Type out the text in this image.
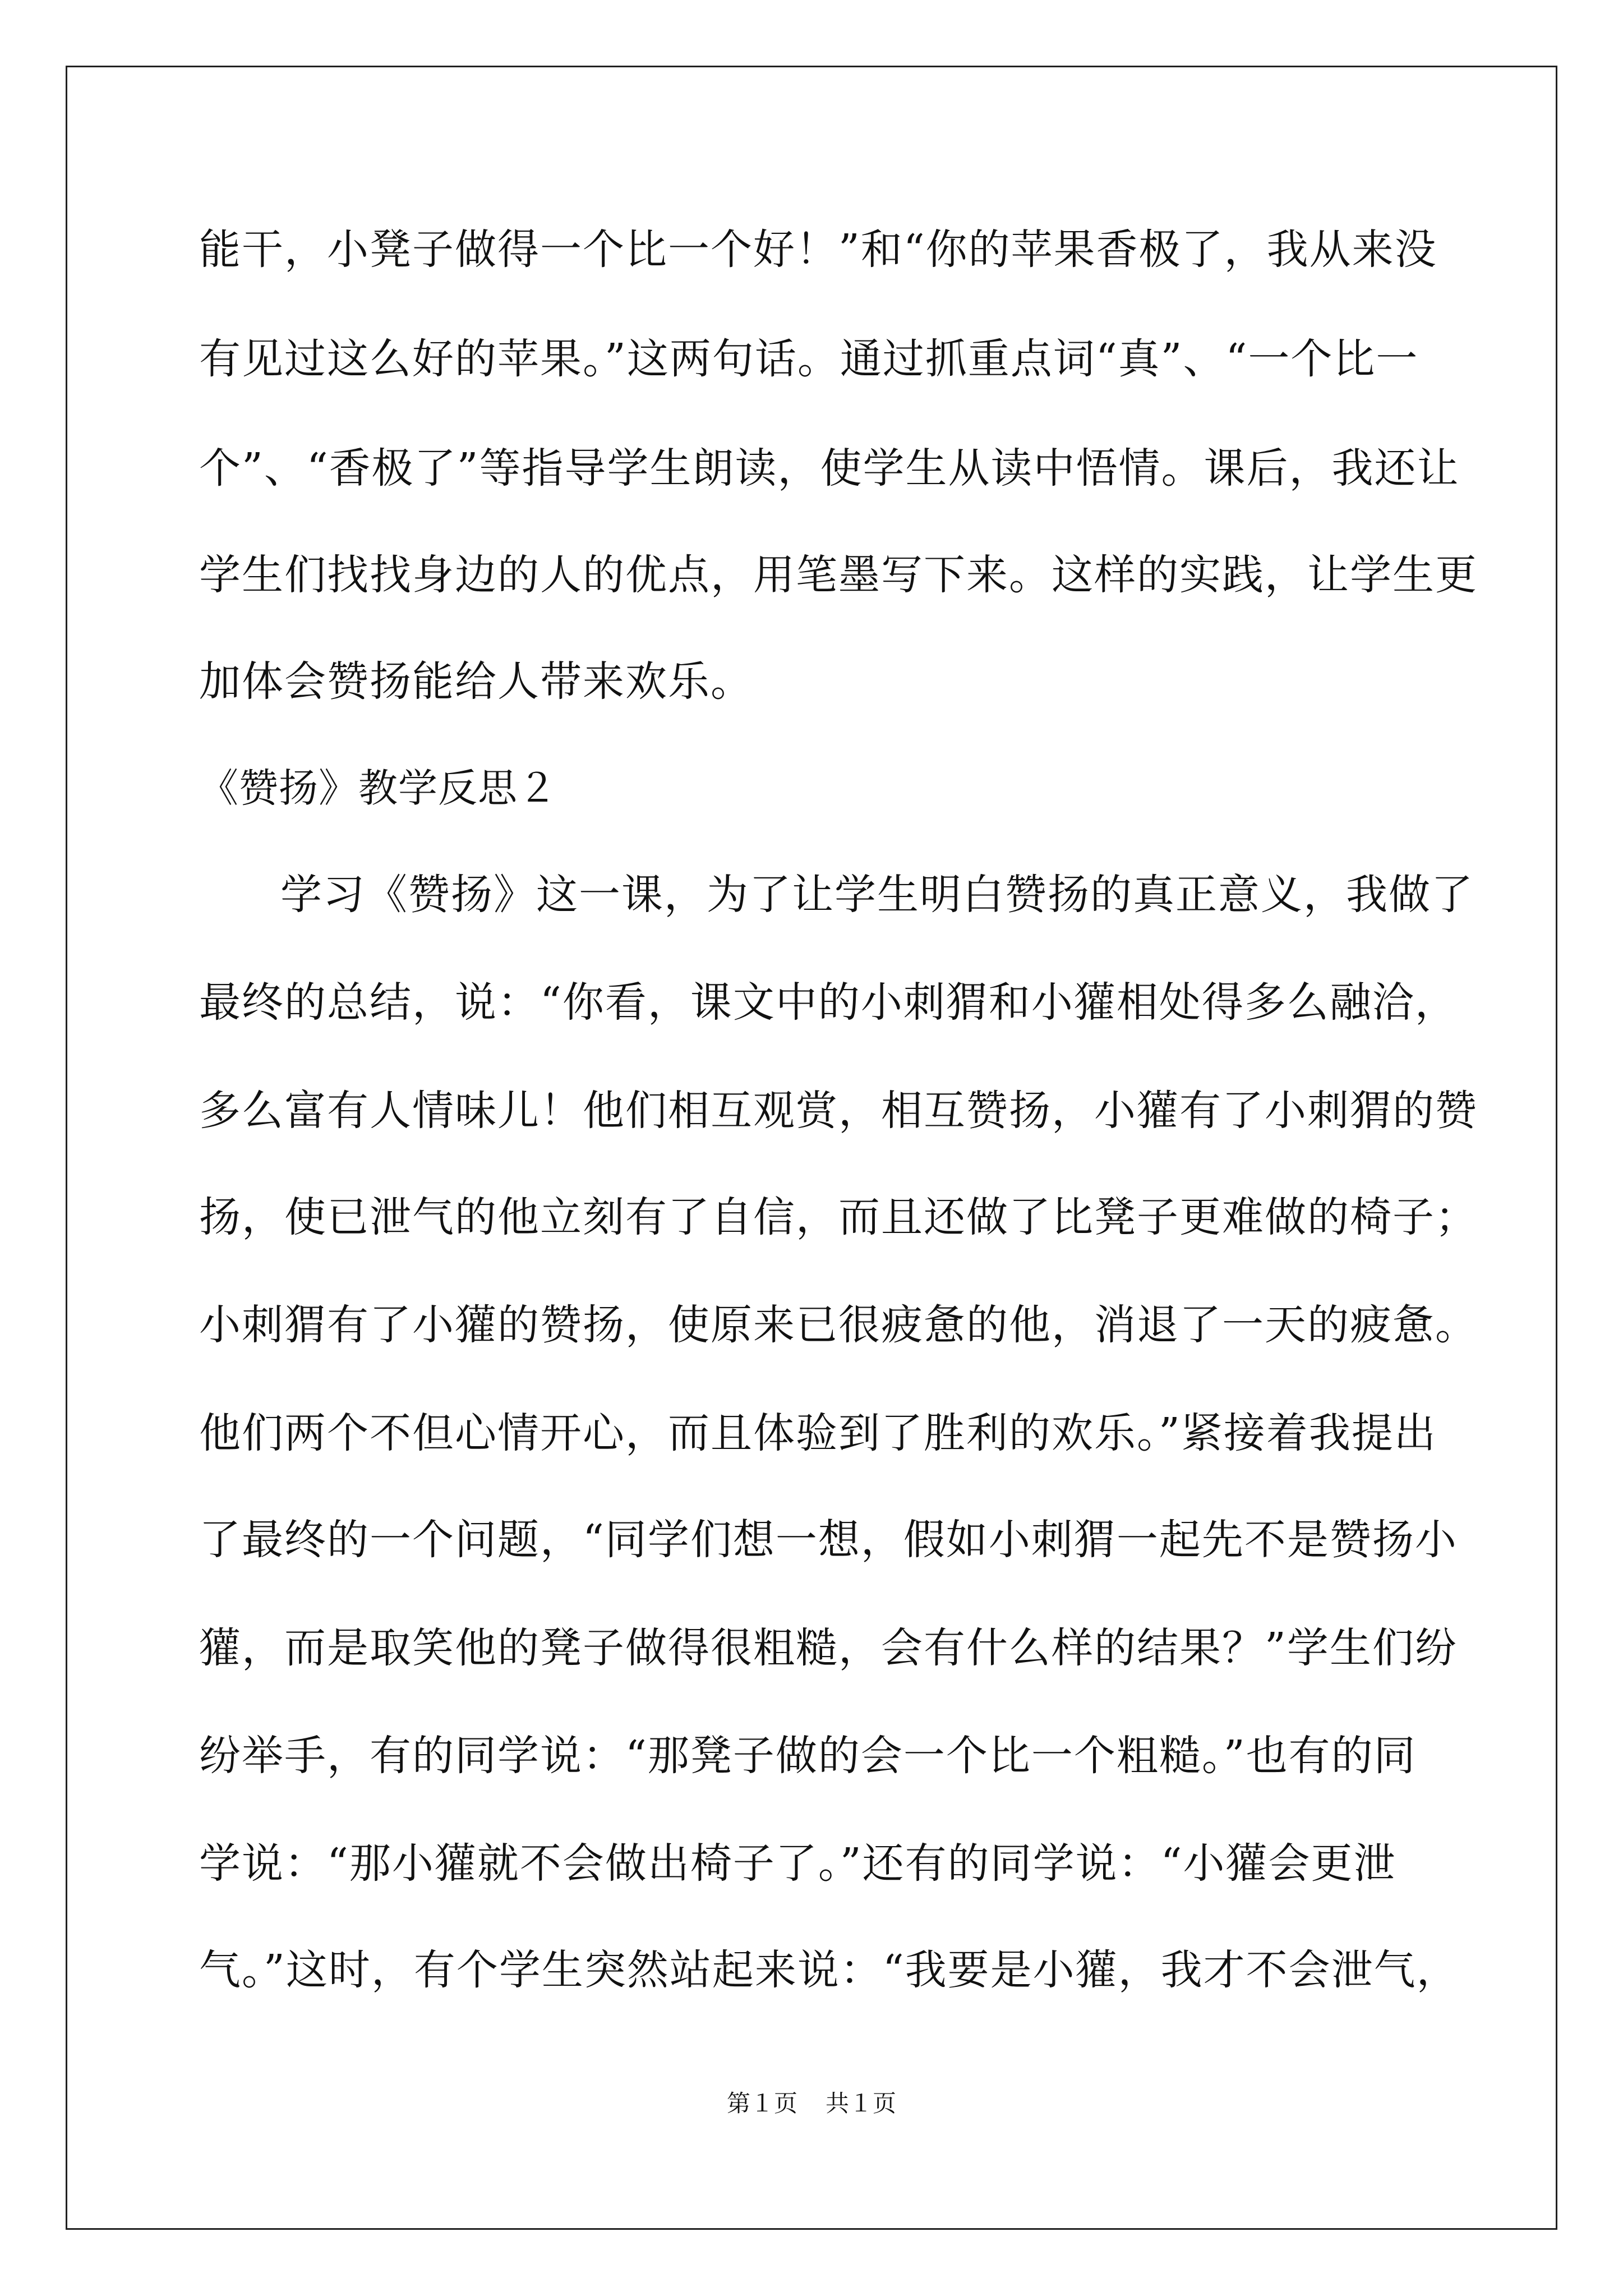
能干，小凳子做得一个比一个好！”和“你的苹果香极了，我从来没
有见过这么好的苹果。”这两句话。通过抓重点词“真”、“一个比一
个”、“香极了”等指导学生朗读，使学生从读中悟情。课后，我还让
学生们找找身边的人的优点，用笔墨写下来。这样的实践，让学生更
加体会赞扬能给人带来欢乐。
《赞扬》教学反思２
学习《赞扬》这一课，为了让学生明白赞扬的真正意义，我做了
最终的总结，说：“你看，课文中的小刺猬和小獾相处得多么融洽，
多么富有人情味儿！他们相互观赏，相互赞扬，小獾有了小刺猬的赞
扬，使已泄气的他立刻有了自信，而且还做了比凳子更难做的椅子；
小刺猬有了小獾的赞扬，使原来已很疲惫的他，消退了一天的疲惫。
他们两个不但心情开心，而且体验到了胜利的欢乐。”紧接着我提出
了最终的一个问题，“同学们想一想，假如小刺猬一起先不是赞扬小
獾，而是取笑他的凳子做得很粗糙，会有什么样的结果？”学生们纷
纷举手，有的同学说：“那凳子做的会一个比一个粗糙。”也有的同
学说：“那小獾就不会做出椅子了。”还有的同学说：“小獾会更泄
气。”这时，有个学生突然站起来说：“我要是小獾，我才不会泄气，
第１页 共１页
